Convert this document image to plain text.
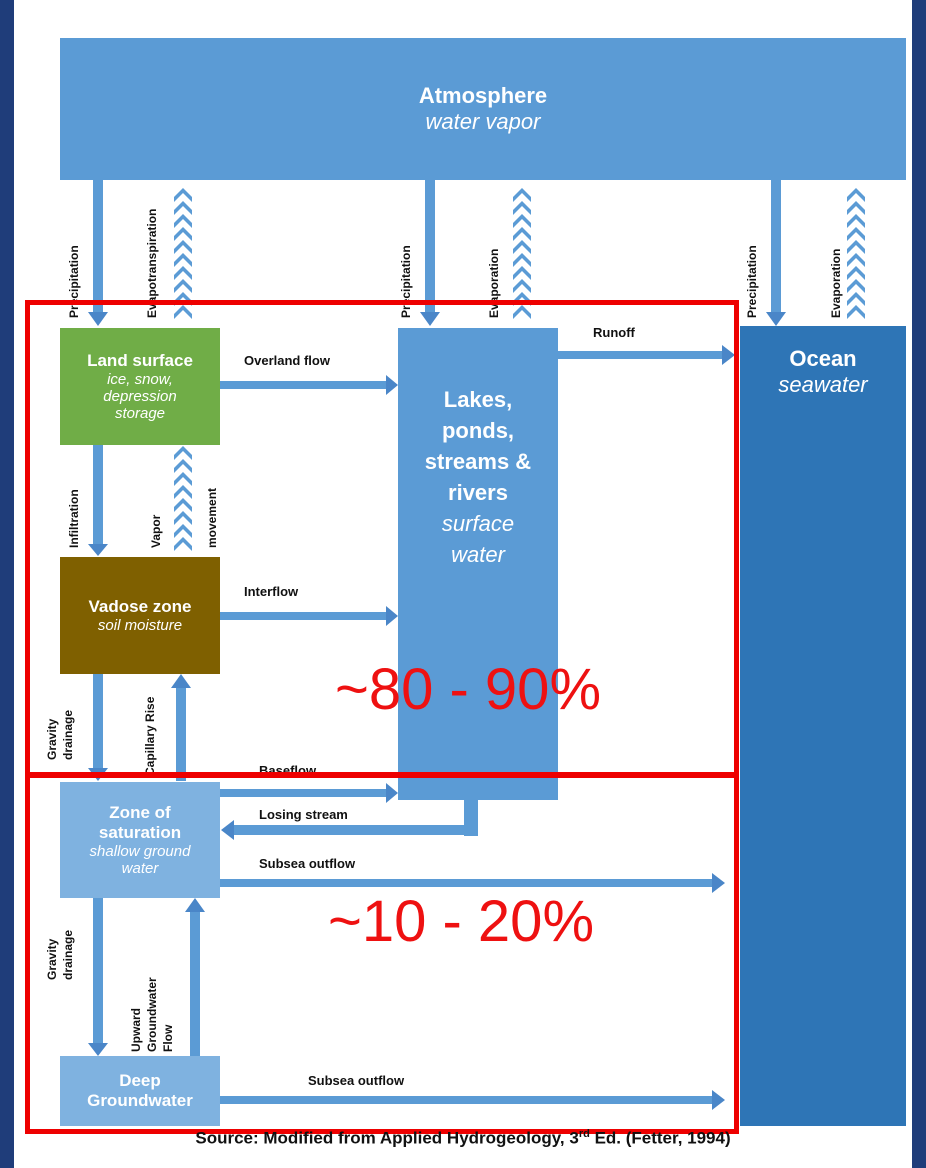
Atmosphere
water vapor
Land surface
ice, snow,
depression
storage
Vadose zone
soil moisture
Lakes,
ponds,
streams &
rivers
surface
water
Ocean
seawater
Zone of
saturation
shallow ground
water
Deep
Groundwater
Precipitation	Evapotranspiration	Precipitation	Evaporation	Precipitation	Evaporation
Infiltration	Vapor	movement
Gravity drainage	Capillary Rise
Gravity drainage
Upward Groundwater Flow
Overland flow
Runoff
Interflow
Baseflow
Losing stream
Subsea outflow
Subsea outflow
~80 - 90%
~10 - 20%
Source: Modified from Applied Hydrogeology, 3rd Ed. (Fetter, 1994)
